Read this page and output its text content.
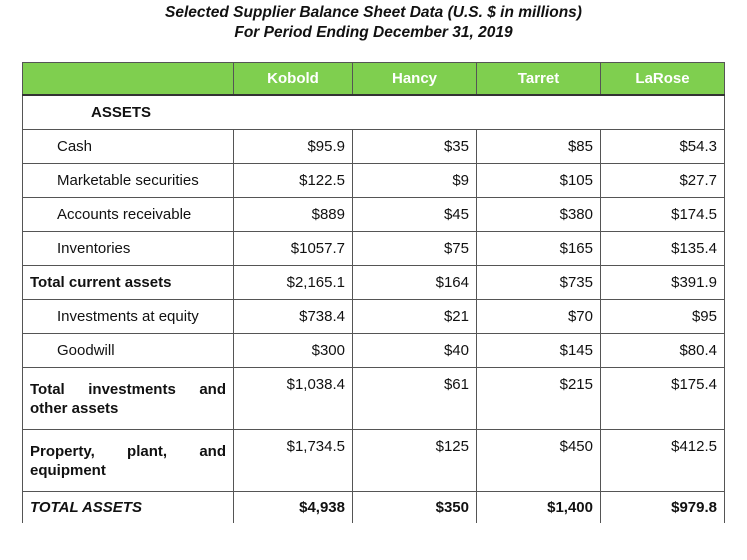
Selected Supplier Balance Sheet Data (U.S. $ in millions)
For Period Ending December 31, 2019
	Kobold	Hancy	Tarret	LaRose
ASSETS				
Cash	$95.9	$35	$85	$54.3
Marketable securities	$122.5	$9	$105	$27.7
Accounts receivable	$889	$45	$380	$174.5
Inventories	$1057.7	$75	$165	$135.4
Total current assets	$2,165.1	$164	$735	$391.9
Investments at equity	$738.4	$21	$70	$95
Goodwill	$300	$40	$145	$80.4
Total investments and other assets	$1,038.4	$61	$215	$175.4
Property, plant, and equipment	$1,734.5	$125	$450	$412.5
TOTAL ASSETS	$4,938	$350	$1,400	$979.8
